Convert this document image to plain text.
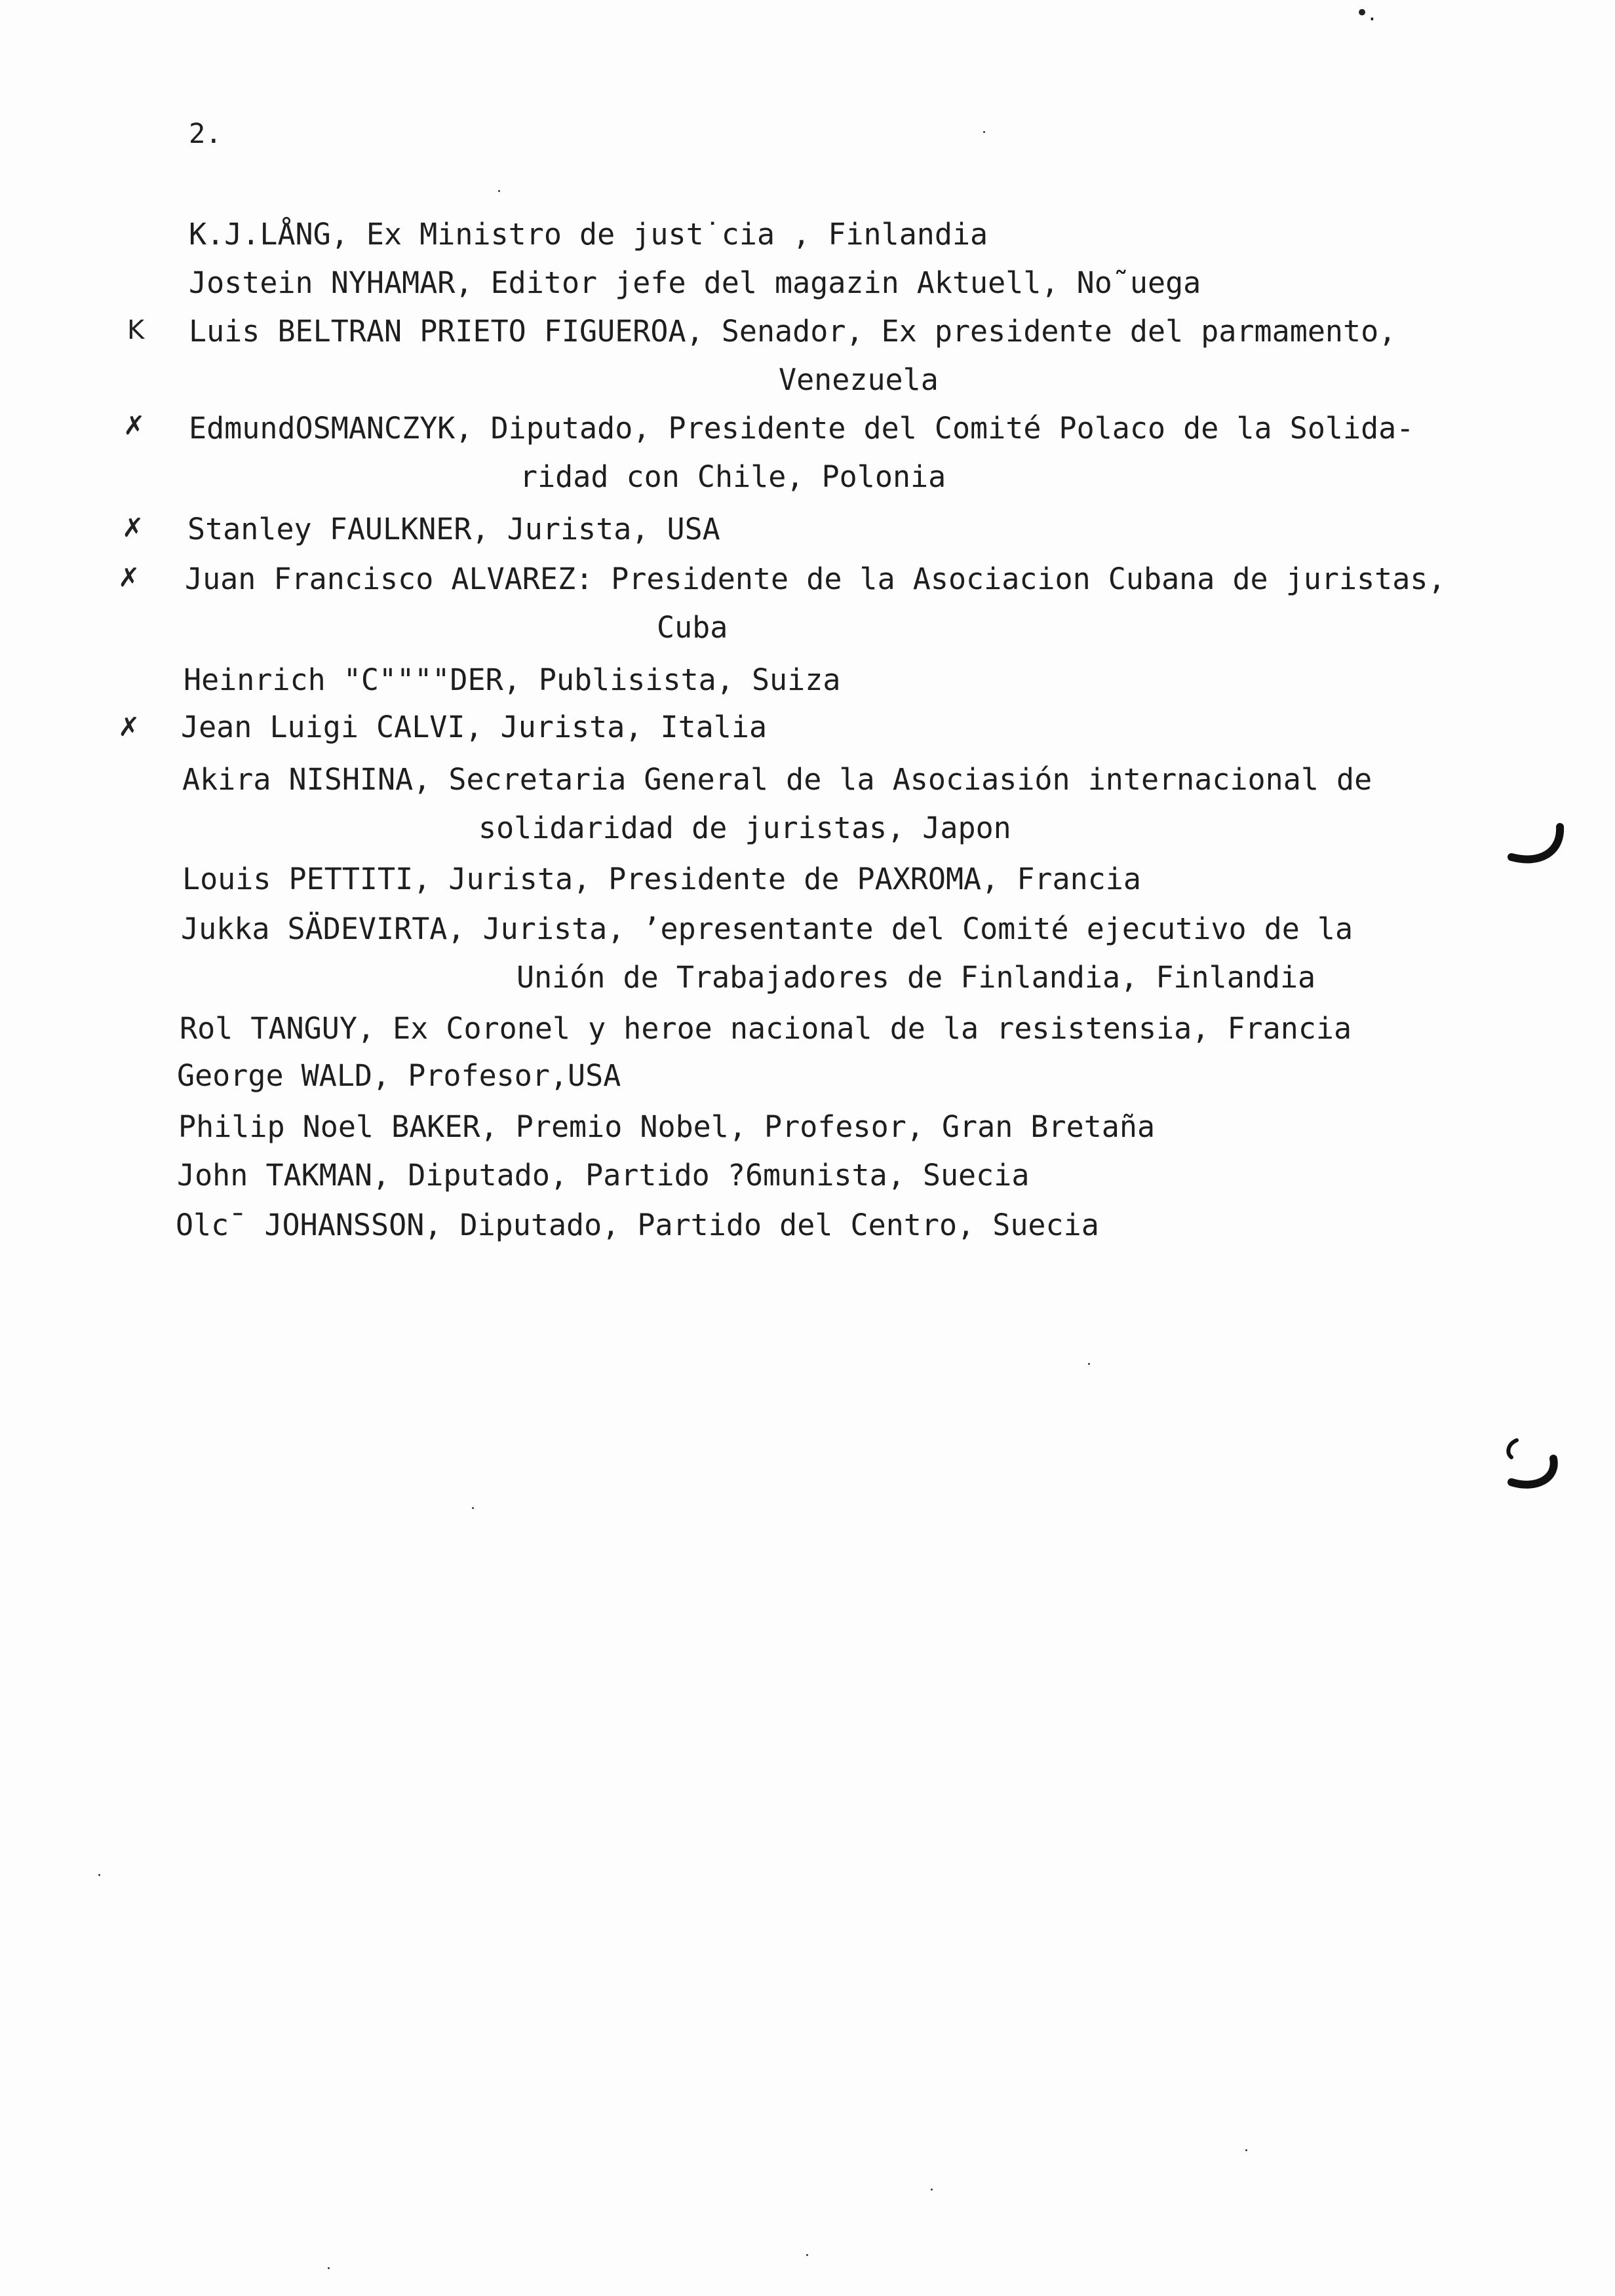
•.
2.
K.J.LÅNG, Ex Ministro de just˙cia , Finlandia
Jostein NYHAMAR, Editor jefe del magazin Aktuell, No˜uega
K Luis BELTRAN PRIETO FIGUEROA, Senador, Ex presidente del parmamento,
Venezuela
✗ EdmundOSMANCZYK, Diputado, Presidente del Comité Polaco de la Solida-
ridad con Chile, Polonia
✗ Stanley FAULKNER, Jurista, USA
✗ Juan Francisco ALVAREZ: Presidente de la Asociacion Cubana de juristas,
Cuba
Heinrich "C""""DER, Publisista, Suiza
✗ Jean Luigi CALVI, Jurista, Italia
Akira NISHINA, Secretaria General de la Asociasión internacional de
solidaridad de juristas, Japon
Louis PETTITI, Jurista, Presidente de PAXROMA, Francia
Jukka SÄDEVIRTA, Jurista, ’epresentante del Comité ejecutivo de la
Unión de Trabajadores de Finlandia, Finlandia
Rol TANGUY, Ex Coronel y heroe nacional de la resistensia, Francia
George WALD, Profesor,USA
Philip Noel BAKER, Premio Nobel, Profesor, Gran Bretaña
John TAKMAN, Diputado, Partido ?6munista, Suecia
Olcˉ JOHANSSON, Diputado, Partido del Centro, Suecia
